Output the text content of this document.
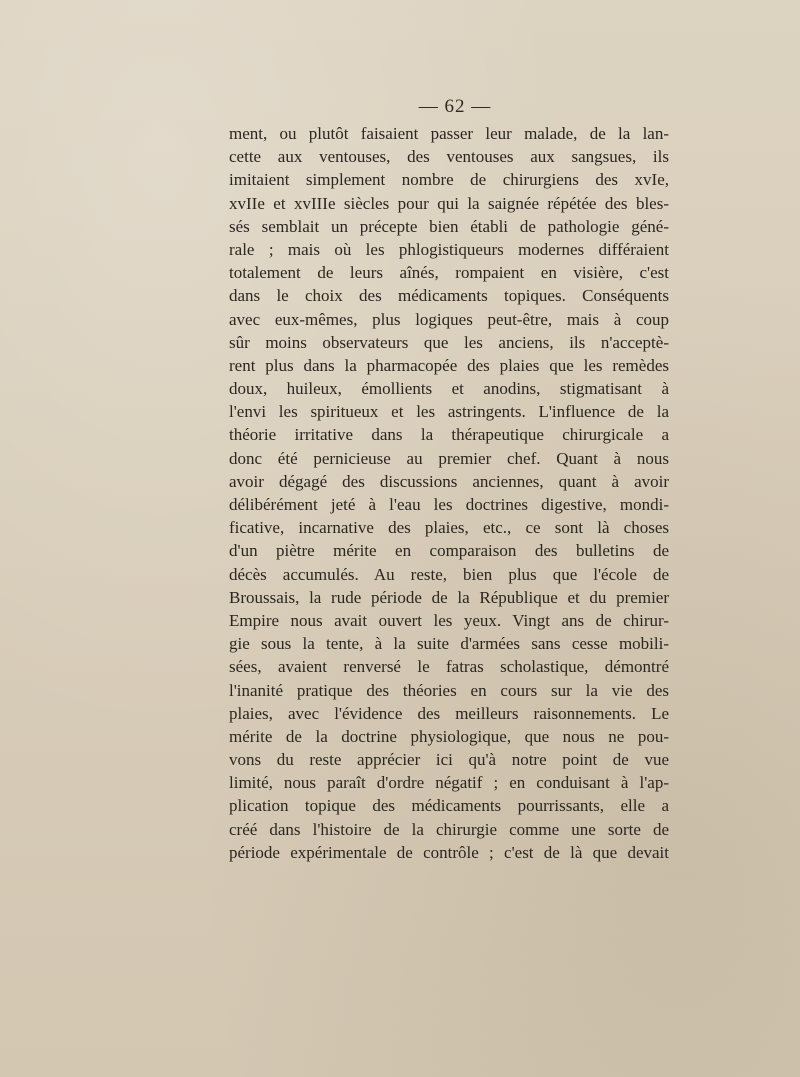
— 62 —
ment, ou plutôt faisaient passer leur malade, de la lan-
cette aux ventouses, des ventouses aux sangsues, ils
imitaient simplement nombre de chirurgiens des xvIe,
xvIIe et xvIIIe siècles pour qui la saignée répétée des bles-
sés semblait un précepte bien établi de pathologie géné-
rale ; mais où les phlogistiqueurs modernes différaient
totalement de leurs aînés, rompaient en visière, c'est
dans le choix des médicaments topiques. Conséquents
avec eux-mêmes, plus logiques peut-être, mais à coup
sûr moins observateurs que les anciens, ils n'acceptè-
rent plus dans la pharmacopée des plaies que les remèdes
doux, huileux, émollients et anodins, stigmatisant à
l'envi les spiritueux et les astringents. L'influence de la
théorie irritative dans la thérapeutique chirurgicale a
donc été pernicieuse au premier chef. Quant à nous
avoir dégagé des discussions anciennes, quant à avoir
délibérément jeté à l'eau les doctrines digestive, mondi-
ficative, incarnative des plaies, etc., ce sont là choses
d'un piètre mérite en comparaison des bulletins de
décès accumulés. Au reste, bien plus que l'école de
Broussais, la rude période de la République et du premier
Empire nous avait ouvert les yeux. Vingt ans de chirur-
gie sous la tente, à la suite d'armées sans cesse mobili-
sées, avaient renversé le fatras scholastique, démontré
l'inanité pratique des théories en cours sur la vie des
plaies, avec l'évidence des meilleurs raisonnements. Le
mérite de la doctrine physiologique, que nous ne pou-
vons du reste apprécier ici qu'à notre point de vue
limité, nous paraît d'ordre négatif ; en conduisant à l'ap-
plication topique des médicaments pourrissants, elle a
créé dans l'histoire de la chirurgie comme une sorte de
période expérimentale de contrôle ; c'est de là que devait
